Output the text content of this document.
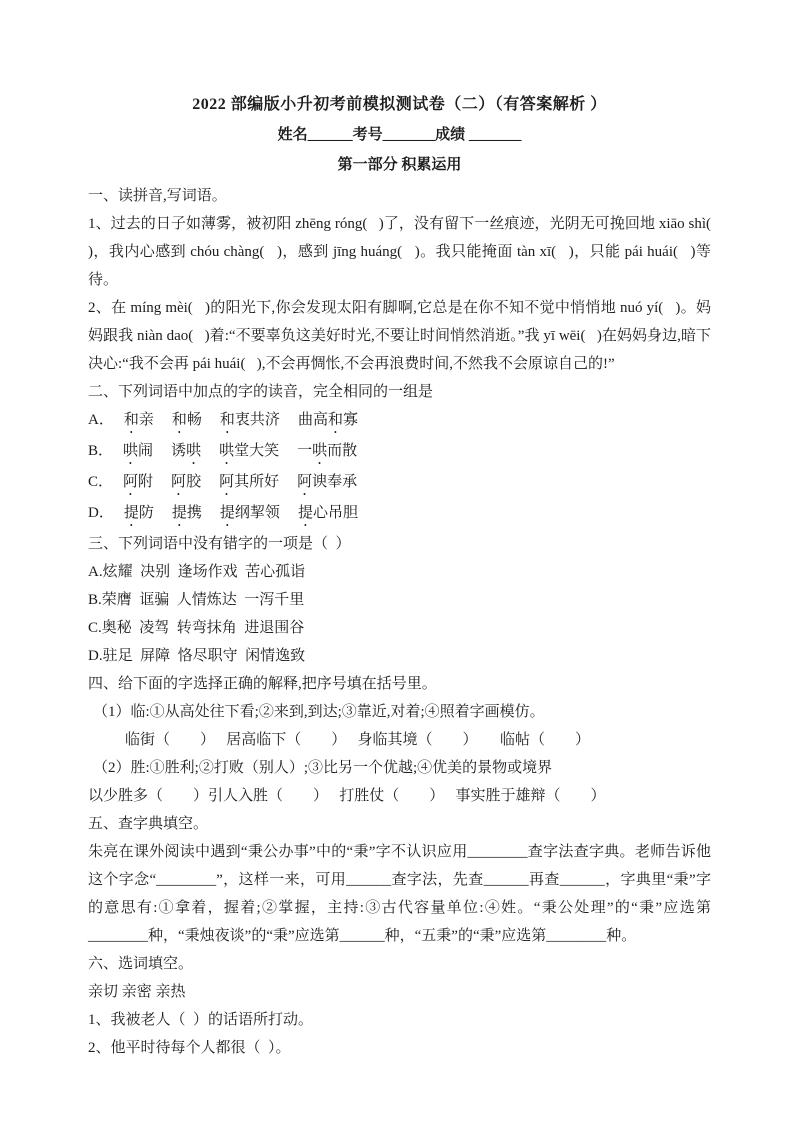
2022 部编版小升初考前模拟测试卷（二）（有答案解析 ）
姓名______考号_______成绩 _______
第一部分 积累运用

一、读拼音,写词语。

1、过去的日子如薄雾，被初阳 zhēng róng(   )了，没有留下一丝痕迹，光阴无可挽回地 xiāo shì(   )，我内心感到 chóu chàng(   )，感到 jīng huáng(   )。我只能掩面 tàn xī(   )，只能 pái huái(   )等待。

2、在 míng mèi(   )的阳光下,你会发现太阳有脚啊,它总是在你不知不觉中悄悄地 nuó yí(   )。妈妈跟我 niàn dao(   )着:“不要辜负这美好时光,不要让时间悄然消逝。”我 yī wēi(   )在妈妈身边,暗下决心:“我不会再 pái huái(   ),不会再惆怅,不会再浪费时间,不然我不会原谅自己的!”

二、下列词语中加点的字的读音，完全相同的一组是

A． 和亲 和畅 和衷共济 曲高和寡

B． 哄闹 诱哄 哄堂大笑 一哄而散

C． 阿附 阿胶 阿其所好 阿谀奉承

D． 提防 提携 提纲挈领 提心吊胆

三、下列词语中没有错字的一项是（  ）

A.炫耀  决别  逢场作戏  苦心孤诣

B.荣膺  诓骗  人情炼达  一泻千里

C.奥秘  凌驾  转弯抹角  进退围谷

D.驻足  屏障  恪尽职守  闲情逸致

四、给下面的字选择正确的解释,把序号填在括号里。

（1）临:①从高处往下看;②来到,到达;③靠近,对着;④照着字画模仿。

临街（　　）　 居高临下（　　）　 身临其境（　　）　　临帖（　　）

（2）胜:①胜利;②打败（别人）;③比另一个优越;④优美的景物或境界

以少胜多（　　）引人入胜（　　）　 打胜仗（　　）　 事实胜于雄辩（　　）

五、查字典填空。

朱亮在课外阅读中遇到“秉公办事”中的“秉”字不认识应用________查字法查字典。老师告诉他这个字念“________”，这样一来，可用______查字法，先查______再查______，字典里“秉”字的意思有:①拿着，握着;②掌握，主持:③古代容量单位:④姓。“秉公处理”的“秉”应选第________种，“秉烛夜谈”的“秉”应选第______种，“五秉”的“秉”应选第________种。

六、选词填空。

亲切 亲密 亲热

1、我被老人（  ）的话语所打动。

2、他平时待每个人都很（  ）。
